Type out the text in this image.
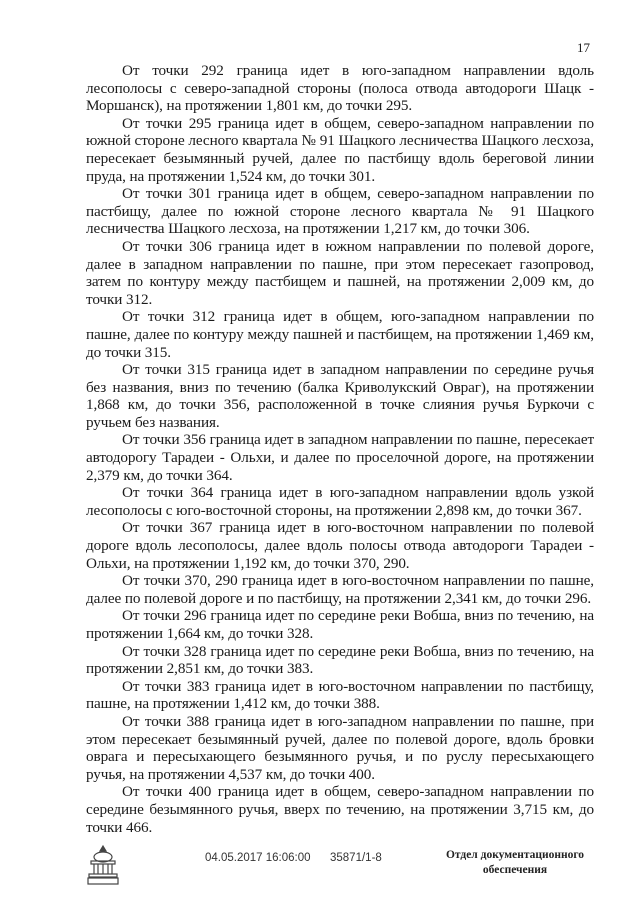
17

От точки 292 граница идет в юго-западном направлении вдоль лесополосы с северо-западной стороны (полоса отвода автодороги Шацк - Моршанск), на протяжении 1,801 км, до точки 295.

От точки 295 граница идет в общем, северо-западном направлении по южной стороне лесного квартала № 91 Шацкого лесничества Шацкого лесхоза, пересекает безымянный ручей, далее по пастбищу вдоль береговой линии пруда, на протяжении 1,524 км, до точки 301.

От точки 301 граница идет в общем, северо-западном направлении по пастбищу, далее по южной стороне лесного квартала № 91 Шацкого лесничества Шацкого лесхоза, на протяжении 1,217 км, до точки 306.

От точки 306 граница идет в южном направлении по полевой дороге, далее в западном направлении по пашне, при этом пересекает газопровод, затем по контуру между пастбищем и пашней, на протяжении 2,009 км, до точки 312.

От точки 312 граница идет в общем, юго-западном направлении по пашне, далее по контуру между пашней и пастбищем, на протяжении 1,469 км, до точки 315.

От точки 315 граница идет в западном направлении по середине ручья без названия, вниз по течению (балка Криволукский Овраг), на протяжении 1,868 км, до точки 356, расположенной в точке слияния ручья Буркочи с ручьем без названия.

От точки 356 граница идет в западном направлении по пашне, пересекает автодорогу Тарадеи - Ольхи, и далее по проселочной дороге, на протяжении 2,379 км, до точки 364.

От точки 364 граница идет в юго-западном направлении вдоль узкой лесополосы с юго-восточной стороны, на протяжении 2,898 км, до точки 367.

От точки 367 граница идет в юго-восточном направлении по полевой дороге вдоль лесополосы, далее вдоль полосы отвода автодороги Тарадеи - Ольхи, на протяжении 1,192 км, до точки 370, 290.

От точки 370, 290 граница идет в юго-восточном направлении по пашне, далее по полевой дороге и по пастбищу, на протяжении 2,341 км, до точки 296.

От точки 296 граница идет по середине реки Вобша, вниз по течению, на протяжении 1,664 км, до точки 328.

От точки 328 граница идет по середине реки Вобша, вниз по течению, на протяжении 2,851 км, до точки 383.

От точки 383 граница идет в юго-восточном направлении по пастбищу, пашне, на протяжении 1,412 км, до точки 388.

От точки 388 граница идет в юго-западном направлении по пашне, при этом пересекает безымянный ручей, далее по полевой дороге, вдоль бровки оврага и пересыхающего безымянного ручья, и по руслу пересыхающего ручья, на протяжении 4,537 км, до точки 400.

От точки 400 граница идет в общем, северо-западном направлении по середине безымянного ручья, вверх по течению, на протяжении 3,715 км, до точки 466.

04.05.2017 16:06:00 35871/1-8	Отдел документационного
обеспечения
